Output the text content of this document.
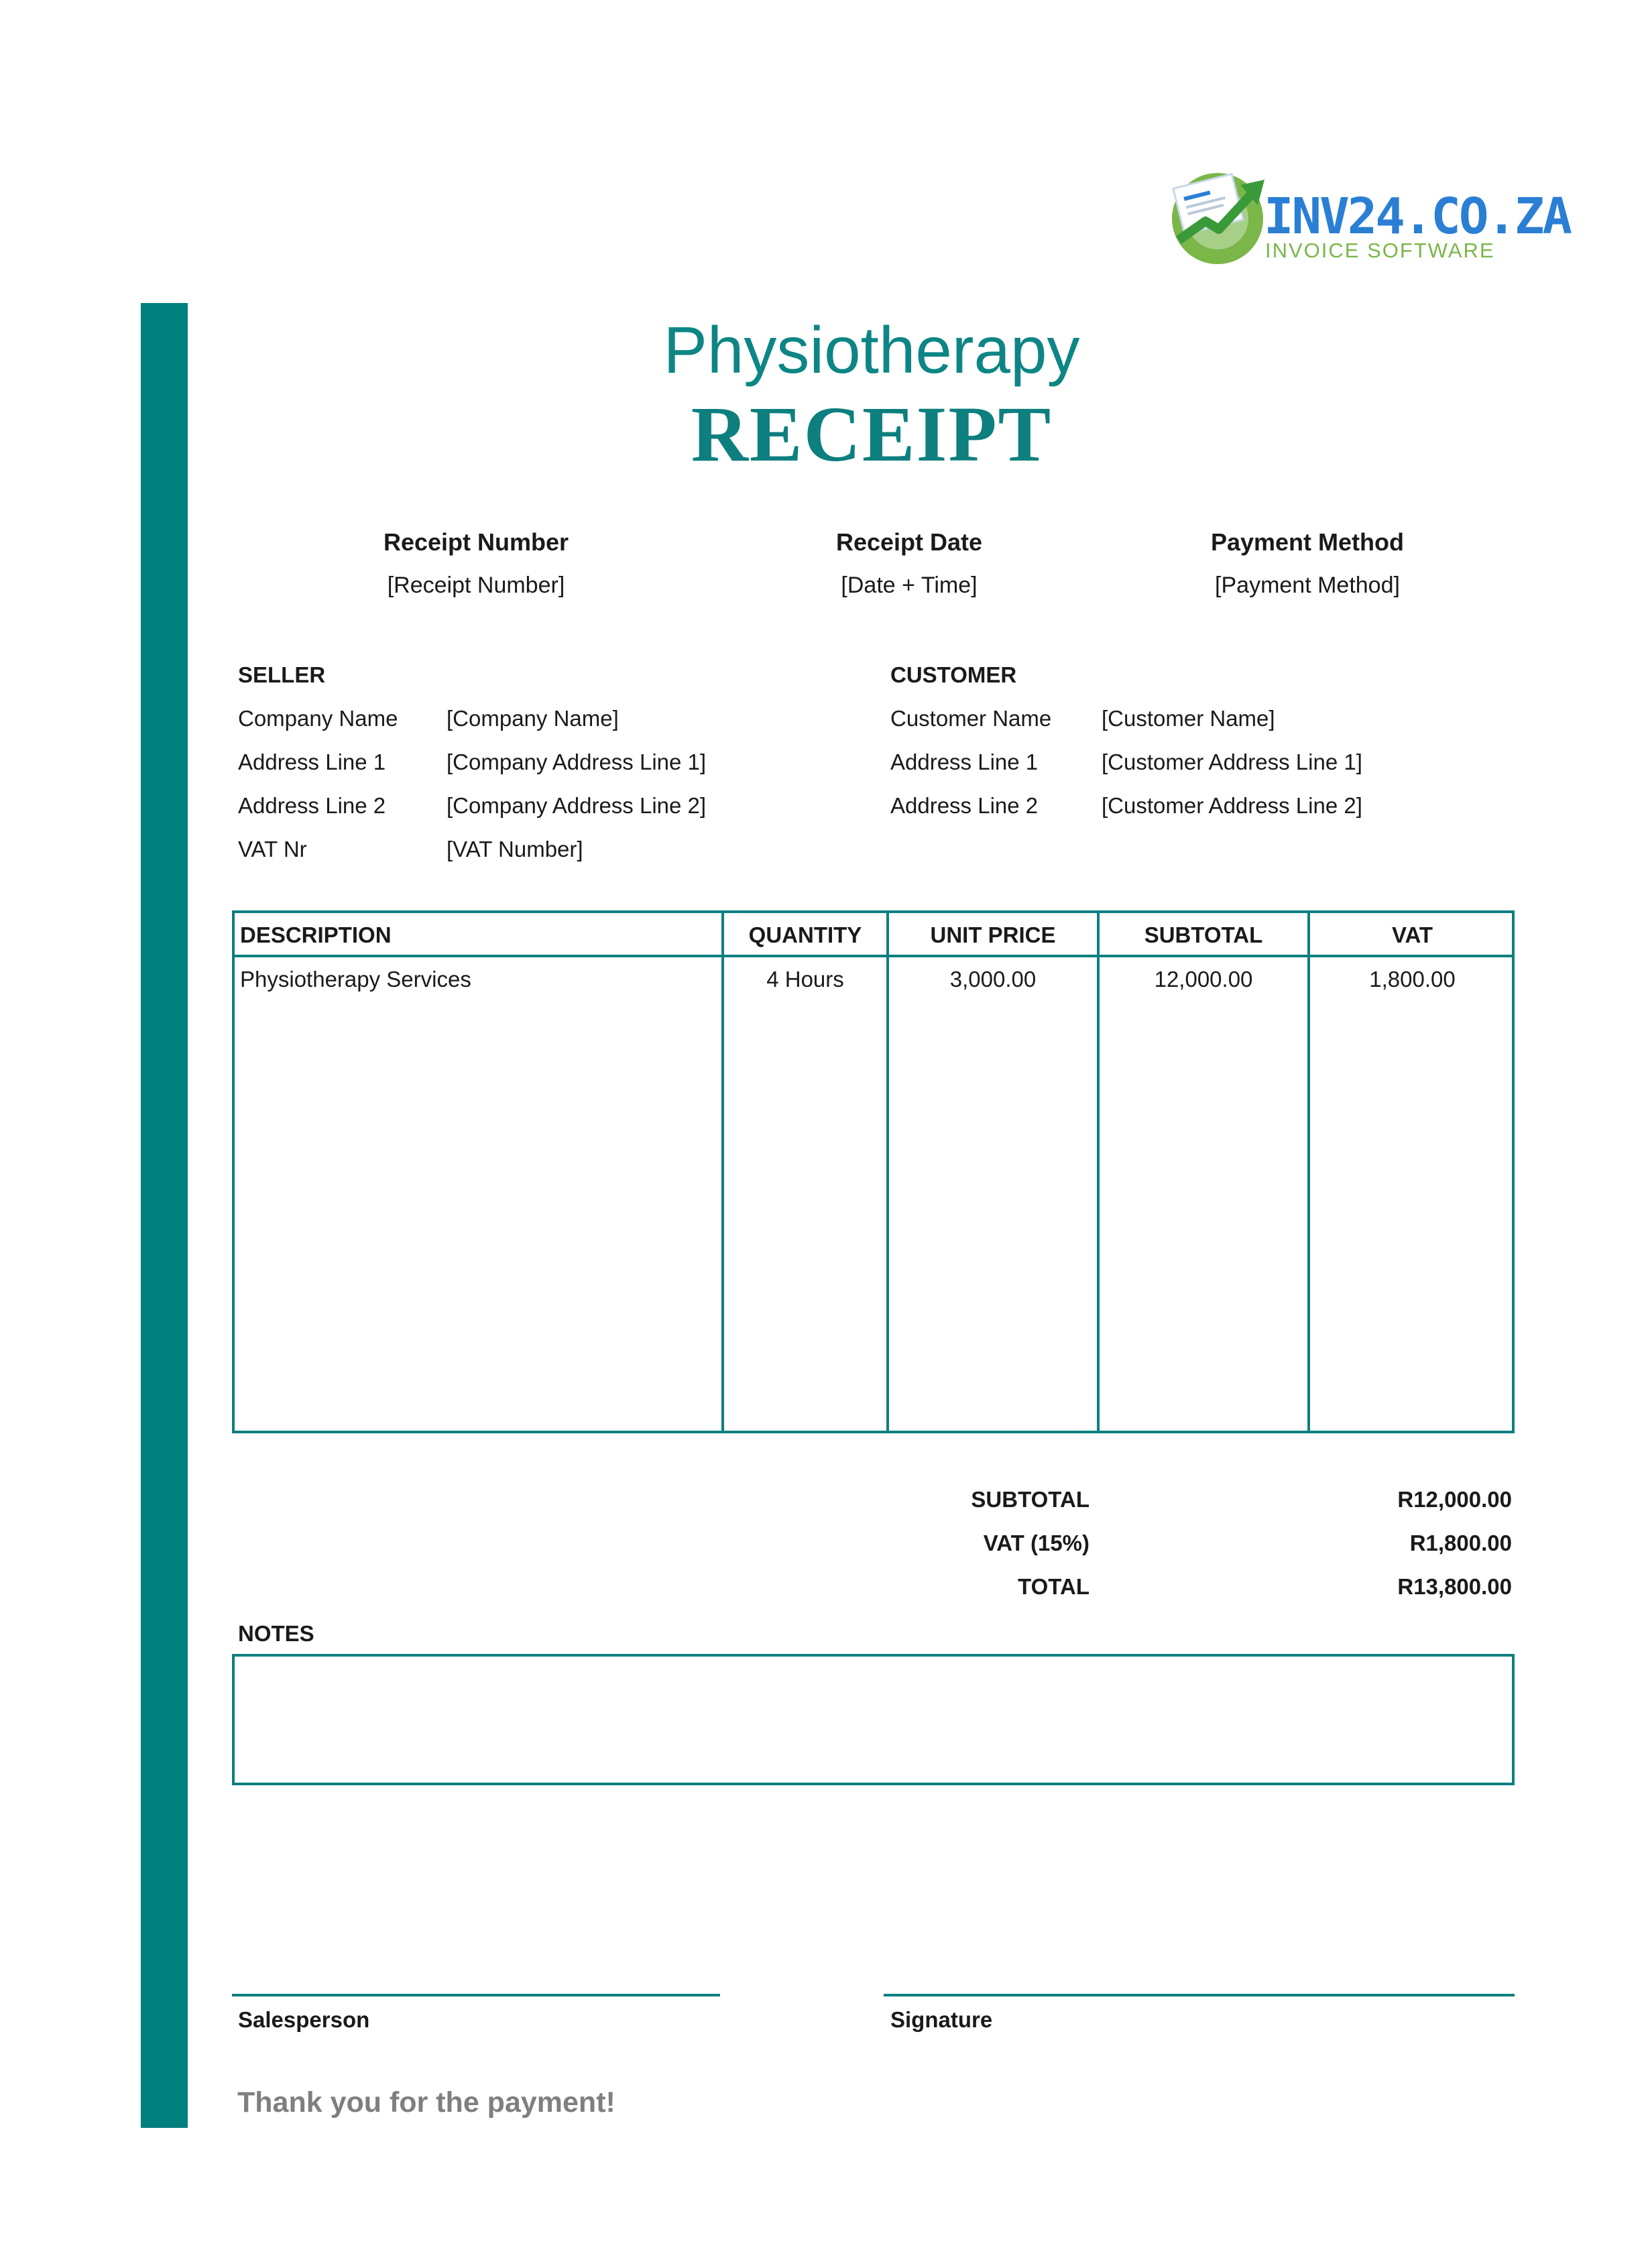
INV24.CO.ZA
INVOICE SOFTWARE
Physiotherapy
RECEIPT
Receipt Number
[Receipt Number]
Receipt Date
[Date + Time]
Payment Method
[Payment Method]
SELLER
Company Name [Company Name]
Address Line 1	[Company Address Line 1]
Address Line 2	[Company Address Line 2]
VAT Nr	[VAT Number]
CUSTOMER
Customer Name [Customer Name]
Address Line 1	[Customer Address Line 1]
Address Line 2	[Customer Address Line 2]
DESCRIPTION	QUANTITY	UNIT PRICE	SUBTOTAL	VAT
Physiotherapy Services	4 Hours	3,000.00	12,000.00	1,800.00
SUBTOTAL	R12,000.00
VAT (15%)	R1,800.00
TOTAL	R13,800.00
NOTES
Salesperson	Signature
Thank you for the payment!
